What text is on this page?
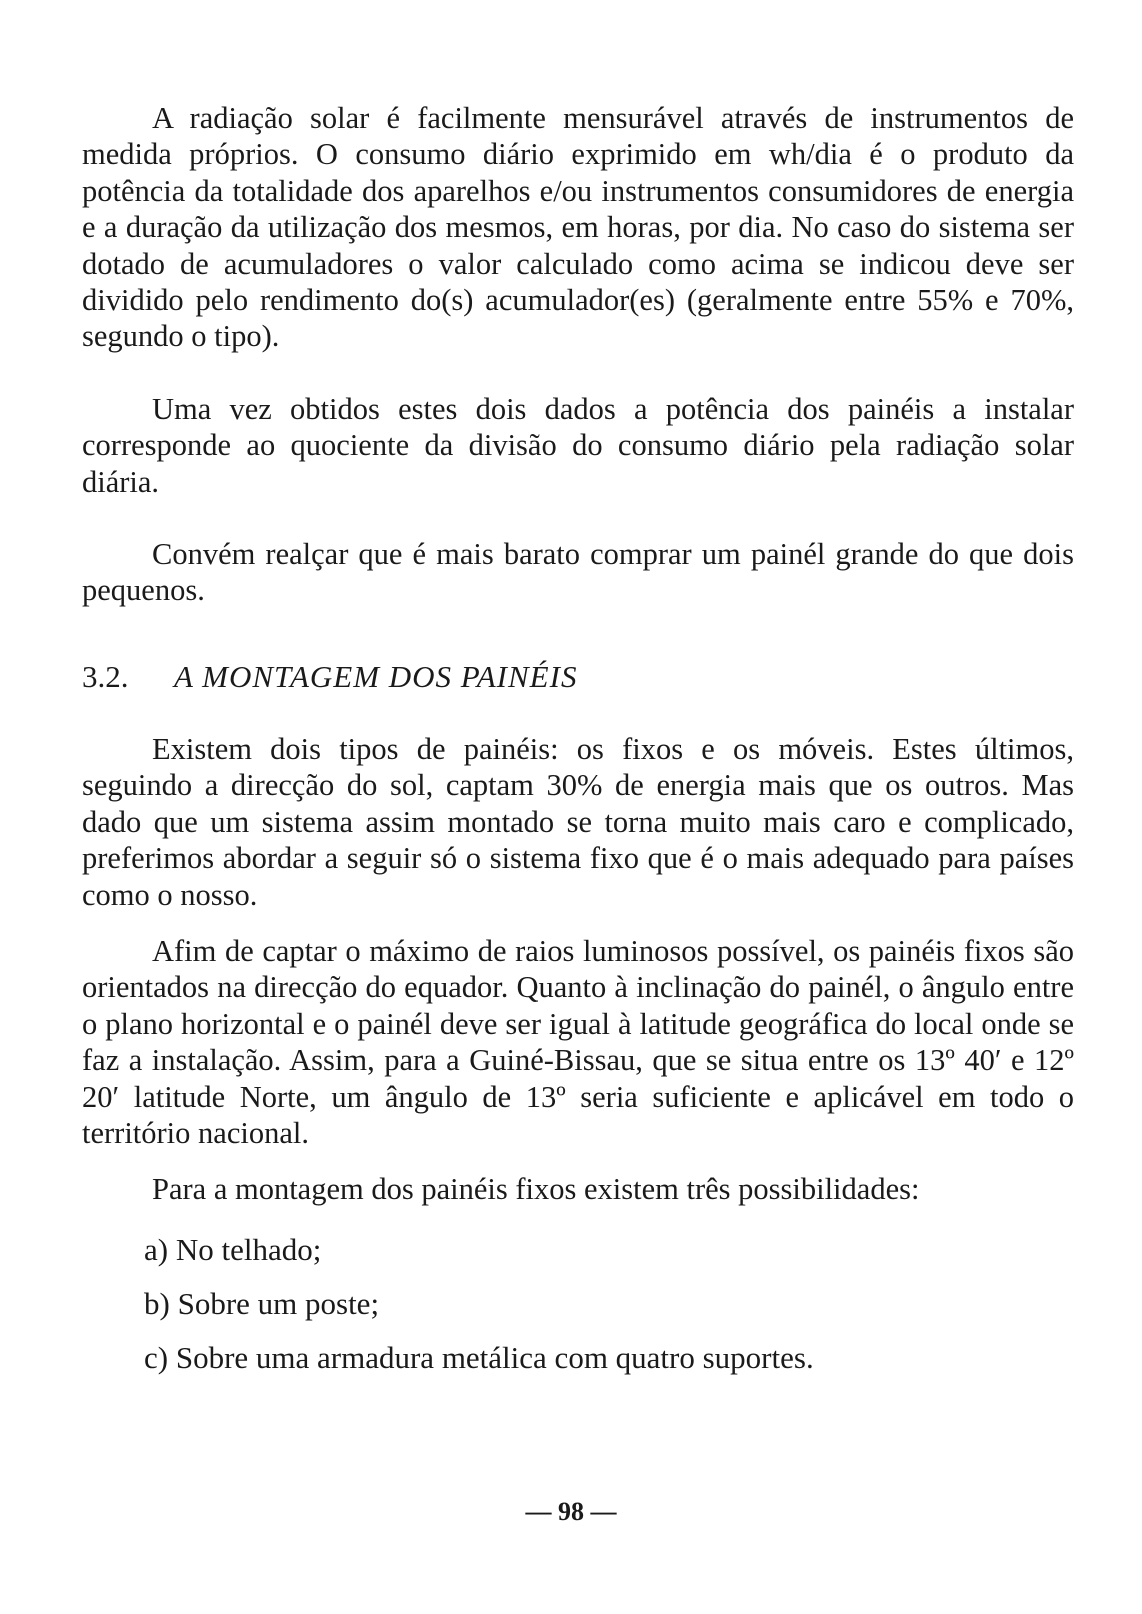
A radiação solar é facilmente mensurável através de instrumentos de medida próprios. O consumo diário exprimido em wh/dia é o produto da potência da totalidade dos aparelhos e/ou instrumentos consumidores de energia e a duração da utilização dos mesmos, em horas, por dia. No caso do sistema ser dotado de acumuladores o valor calculado como acima se indicou deve ser dividido pelo rendimento do(s) acumulador(es) (geralmente entre 55% e 70%, segundo o tipo).

Uma vez obtidos estes dois dados a potência dos painéis a instalar corresponde ao quociente da divisão do consumo diário pela radiação solar diária.

Convém realçar que é mais barato comprar um painél grande do que dois pequenos.

3.2. A MONTAGEM DOS PAINÉIS

Existem dois tipos de painéis: os fixos e os móveis. Estes últimos, seguindo a direcção do sol, captam 30% de energia mais que os outros. Mas dado que um sistema assim montado se torna muito mais caro e complicado, preferimos abordar a seguir só o sistema fixo que é o mais adequado para países como o nosso.

Afim de captar o máximo de raios luminosos possível, os painéis fixos são orientados na direcção do equador. Quanto à inclinação do painél, o ângulo entre o plano horizontal e o painél deve ser igual à latitude geográfica do local onde se faz a instalação. Assim, para a Guiné-Bissau, que se situa entre os 13º 40′ e 12º 20′ latitude Norte, um ângulo de 13º seria suficiente e aplicável em todo o território nacional.

Para a montagem dos painéis fixos existem três possibilidades:

a) No telhado;

b) Sobre um poste;

c) Sobre uma armadura metálica com quatro suportes.

— 98 —
